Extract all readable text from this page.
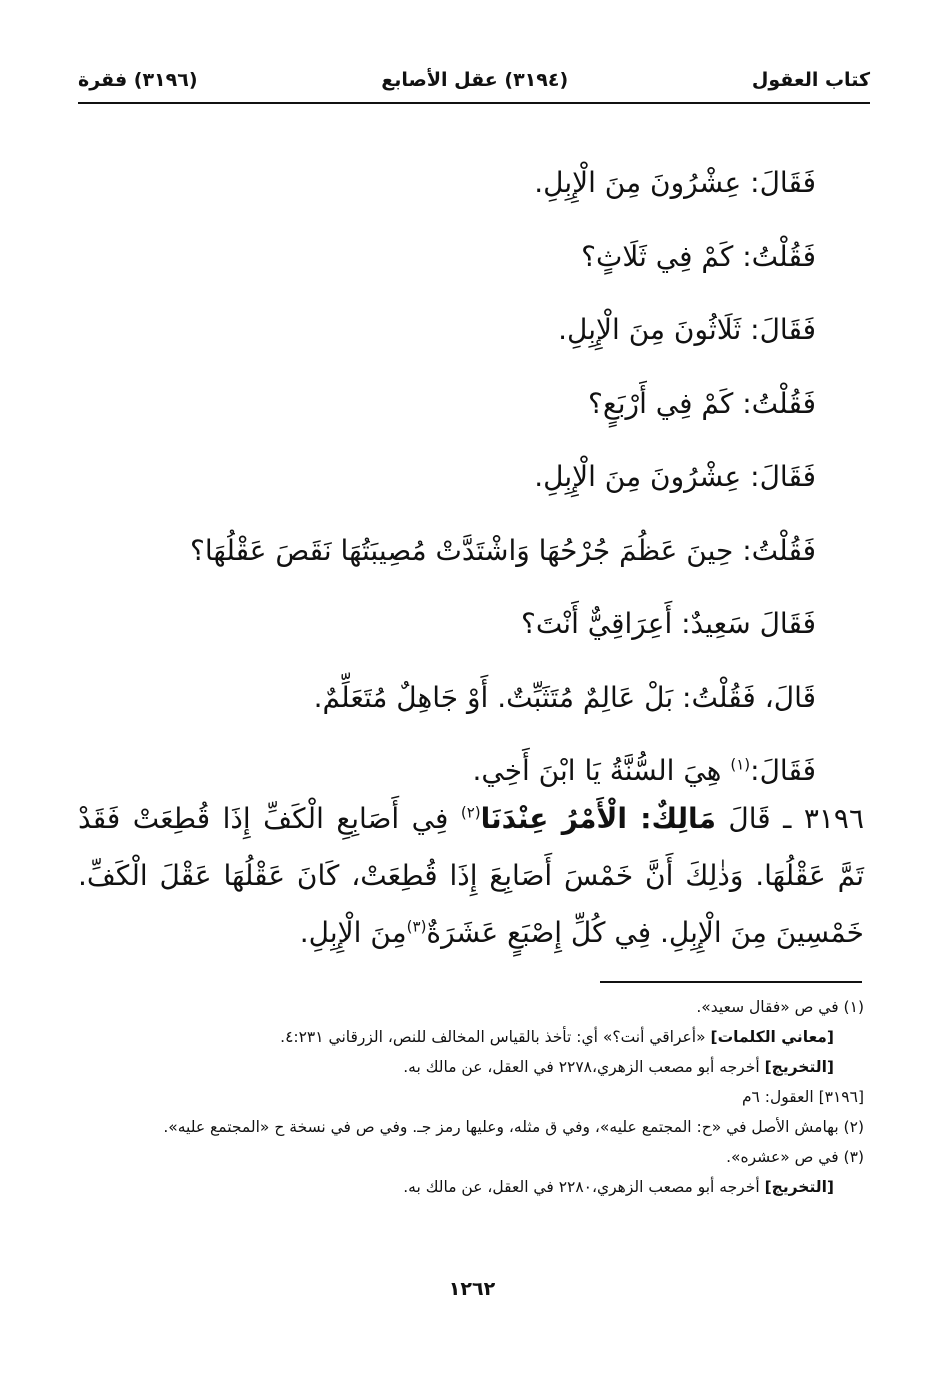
كتاب العقول
(٣١٩٤) عقل الأصابع
(٣١٩٦) فقرة
فَقَالَ: عِشْرُونَ مِنَ الْإِبِلِ.
فَقُلْتُ: كَمْ فِي ثَلَاثٍ؟
فَقَالَ: ثَلَاثُونَ مِنَ الْإِبِلِ.
فَقُلْتُ: كَمْ فِي أَرْبَعٍ؟
فَقَالَ: عِشْرُونَ مِنَ الْإِبِلِ.
فَقُلْتُ: حِينَ عَظُمَ جُرْحُهَا وَاشْتَدَّتْ مُصِيبَتُهَا نَقَصَ عَقْلُهَا؟
فَقَالَ سَعِيدٌ: أَعِرَاقِيٌّ أَنْتَ؟
قَالَ، فَقُلْتُ: بَلْ عَالِمٌ مُتَثَبِّتٌ. أَوْ جَاهِلٌ مُتَعَلِّمٌ.
فَقَالَ:$^{(١)}$ هِيَ السُّنَّةُ يَا ابْنَ أَخِي.
٣١٩٦ ـ قَالَ مَالِكٌ: الْأَمْرُ عِنْدَنَا$^{(٢)}$ فِي أَصَابِعِ الْكَفِّ إِذَا قُطِعَتْ فَقَدْ
تَمَّ عَقْلُهَا. وَذٰلِكَ أَنَّ خَمْسَ أَصَابِعَ إِذَا قُطِعَتْ، كَانَ عَقْلُهَا عَقْلَ الْكَفِّ.
خَمْسِينَ مِنَ الْإِبِلِ. فِي كُلِّ إِصْبَعٍ عَشَرَةٌ$^{(٣)}$مِنَ الْإِبِلِ.
(١) في ص «فقال سعيد».
[معاني الكلمات] «أعراقي أنت؟» أي: تأخذ بالقياس المخالف للنص، الزرقاني ٤:٢٣١.
[التخريج] أخرجه أبو مصعب الزهري،٢٢٧٨ في العقل، عن مالك به.
[٣١٩٦] العقول: ٦م
(٢) بهامش الأصل في «ح: المجتمع عليه»، وفي ق مثله، وعليها رمز جـ. وفي ص في نسخة ح «المجتمع عليه».
(٣) في ص «عشره».
[التخريج] أخرجه أبو مصعب الزهري،٢٢٨٠ في العقل، عن مالك به.
١٢٦٢
